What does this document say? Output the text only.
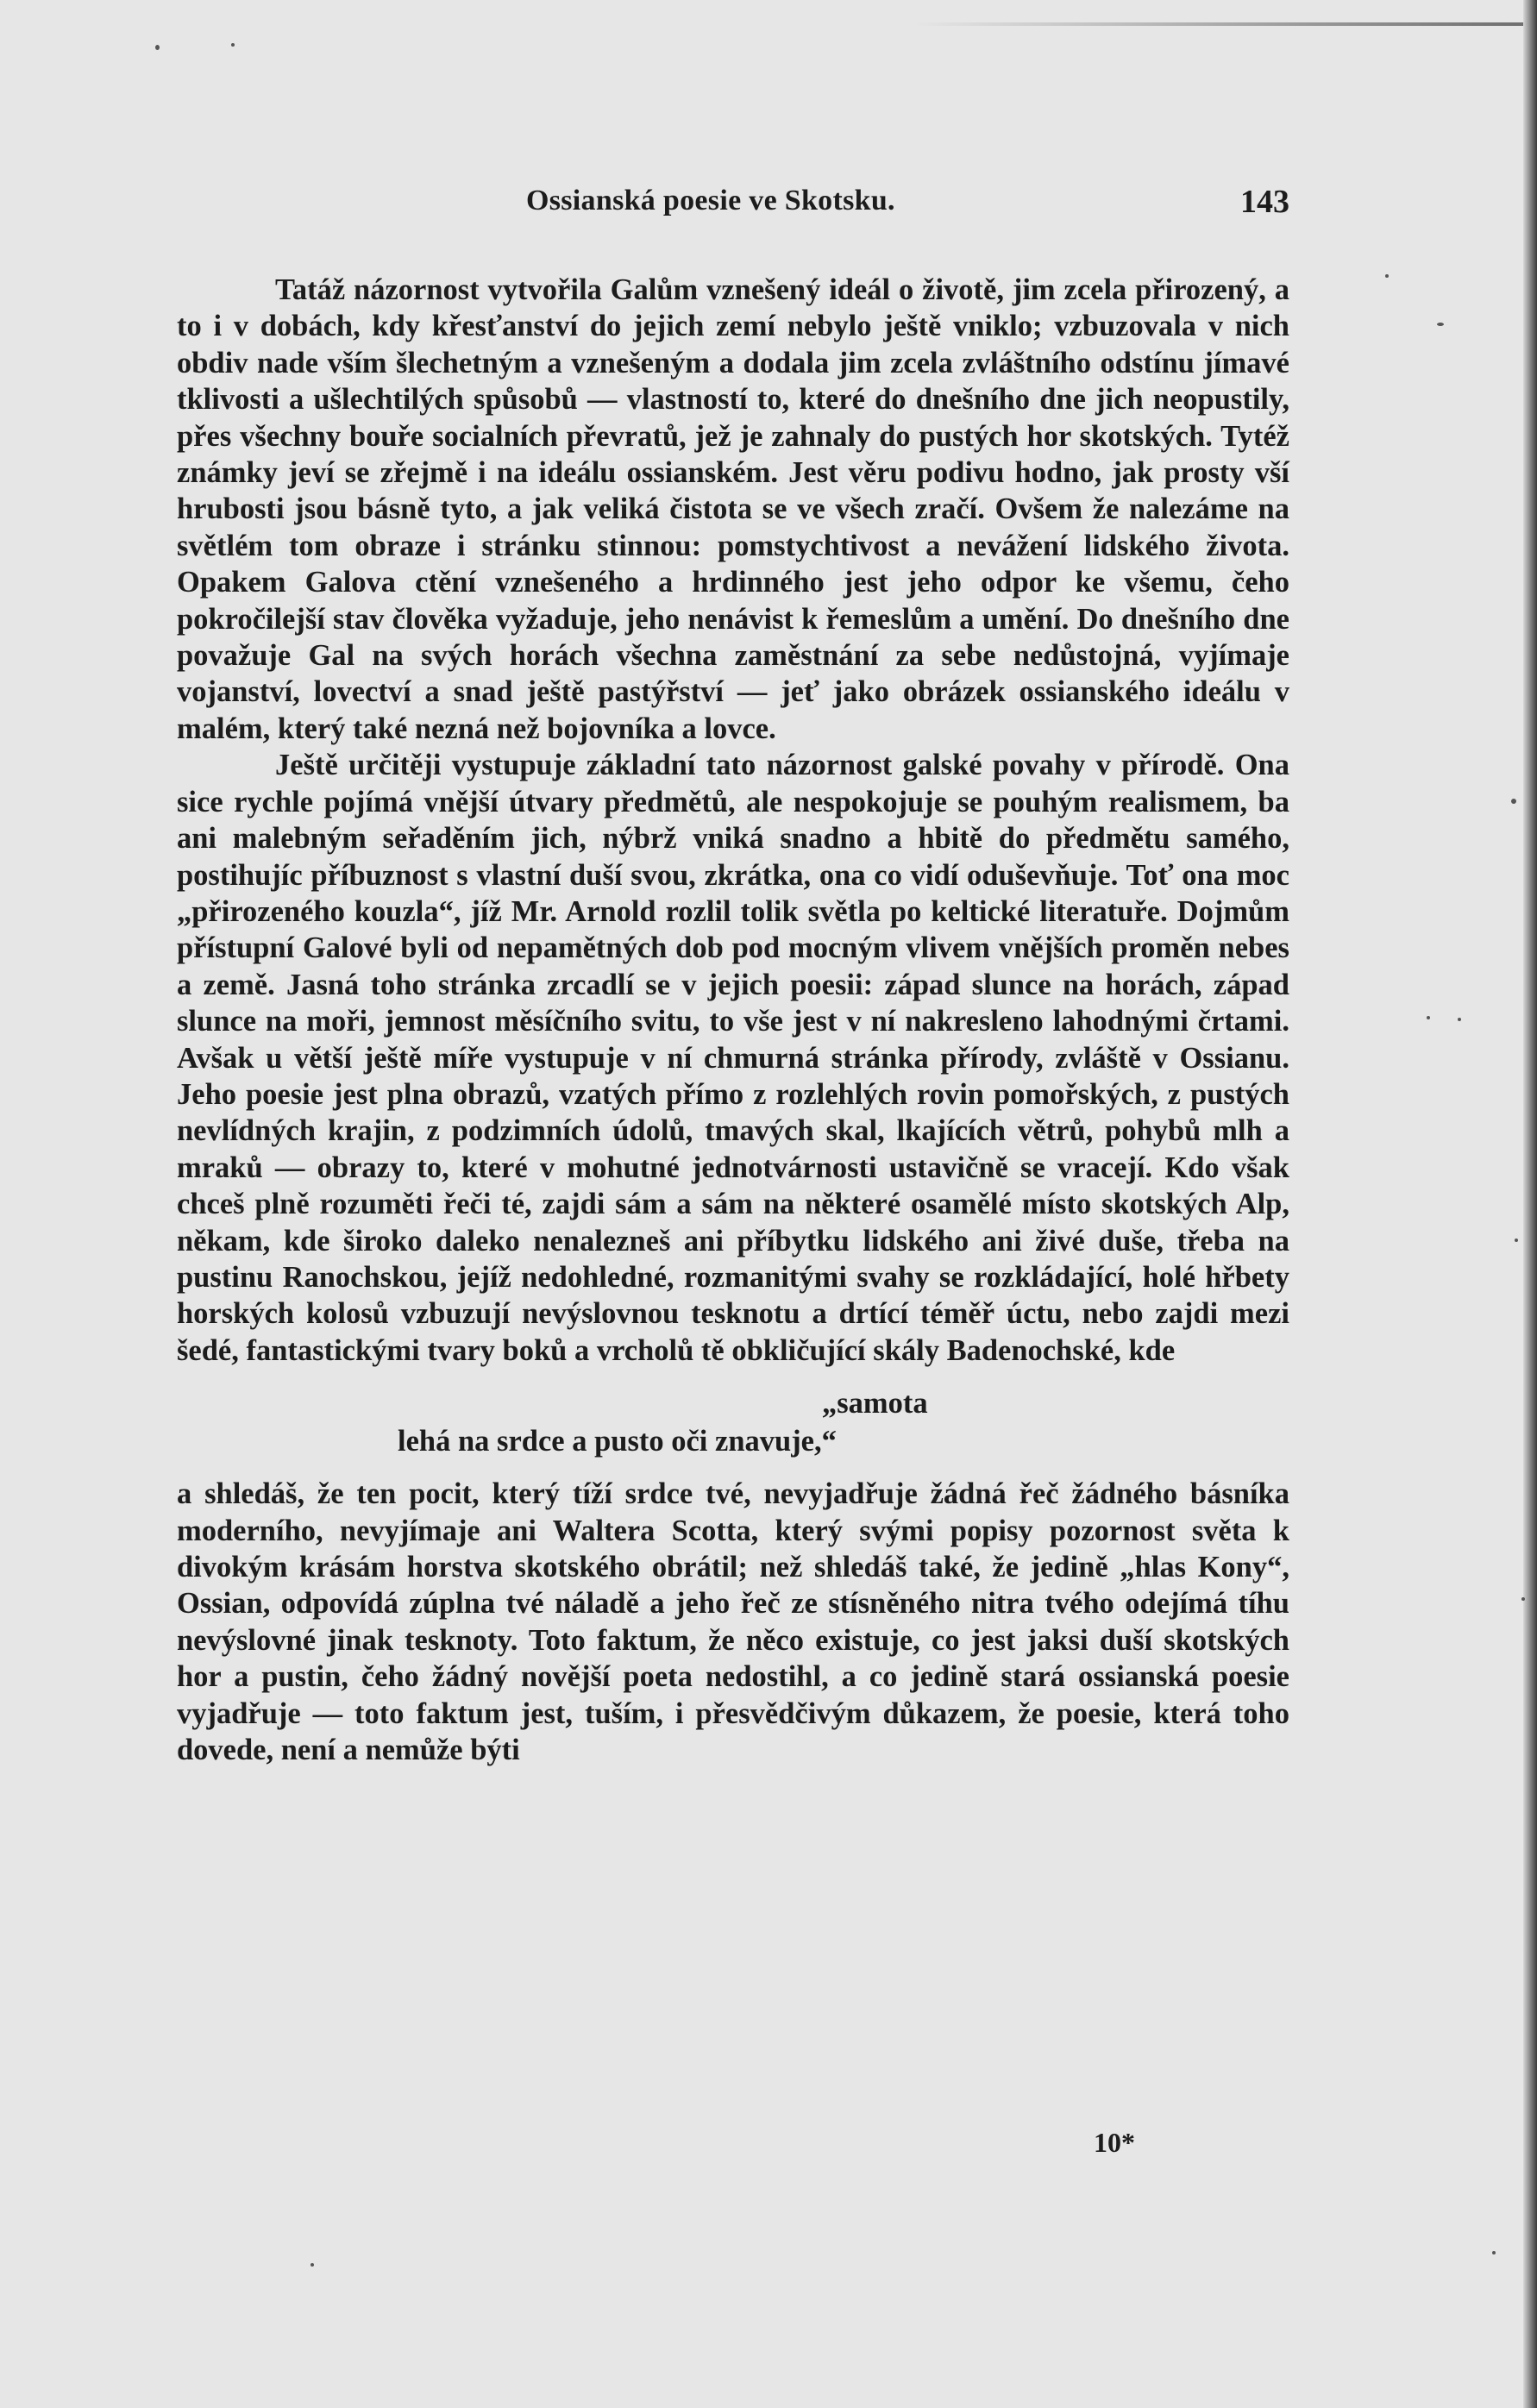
Ossianská poesie ve Skotsku.	143

Tatáž názornost vytvořila Galům vznešený ideál o životě, jim zcela přirozený, a to i v dobách, kdy křesťanství do jejich zemí nebylo ještě vniklo; vzbuzovala v nich obdiv nade vším šlechetným a vznešeným a dodala jim zcela zvláštního odstínu jímavé tklivosti a ušlechtilých spůsobů — vlastností to, které do dnešního dne jich neopustily, přes všechny bouře socialních převratů, jež je zahnaly do pustých hor skotských. Tytéž známky jeví se zřejmě i na ideálu ossianském. Jest věru podivu hodno, jak prosty vší hrubosti jsou básně tyto, a jak veliká čistota se ve všech zračí. Ovšem že nalezáme na světlém tom obraze i stránku stinnou: pomstychtivost a nevážení lidského života. Opakem Galova ctění vznešeného a hrdinného jest jeho odpor ke všemu, čeho pokročilejší stav člověka vyžaduje, jeho nenávist k řemeslům a umění. Do dnešního dne považuje Gal na svých horách všechna zaměstnání za sebe nedůstojná, vyjímaje vojanství, lovectví a snad ještě pastýřství — jeť jako obrázek ossianského ideálu v malém, který také nezná než bojovníka a lovce.

Ještě určitěji vystupuje základní tato názornost galské povahy v přírodě. Ona sice rychle pojímá vnější útvary předmětů, ale nespokojuje se pouhým realismem, ba ani malebným seřaděním jich, nýbrž vniká snadno a hbitě do předmětu samého, postihujíc příbuznost s vlastní duší svou, zkrátka, ona co vidí oduševňuje. Toť ona moc „přirozeného kouzla“, jíž Mr. Arnold rozlil tolik světla po keltické literatuře. Dojmům přístupní Galové byli od nepamětných dob pod mocným vlivem vnějších proměn nebes a země. Jasná toho stránka zrcadlí se v jejich poesii: západ slunce na horách, západ slunce na moři, jemnost měsíčního svitu, to vše jest v ní nakresleno lahodnými črtami. Avšak u větší ještě míře vystupuje v ní chmurná stránka přírody, zvláště v Ossianu. Jeho poesie jest plna obrazů, vzatých přímo z rozlehlých rovin pomořských, z pustých nevlídných krajin, z podzimních údolů, tmavých skal, lkajících větrů, pohybů mlh a mraků — obrazy to, které v mohutné jednotvárnosti ustavičně se vracejí. Kdo však chceš plně rozuměti řeči té, zajdi sám a sám na některé osamělé místo skotských Alp, někam, kde široko daleko nenalezneš ani příbytku lidského ani živé duše, třeba na pustinu Ranochskou, jejíž nedohledné, rozmanitými svahy se rozkládající, holé hřbety horských kolosů vzbuzují nevýslovnou tesknotu a drtící téměř úctu, nebo zajdi mezi šedé, fantastickými tvary boků a vrcholů tě obkličující skály Badenochské, kde

„samota
lehá na srdce a pusto oči znavuje,“

a shledáš, že ten pocit, který tíží srdce tvé, nevyjadřuje žádná řeč žádného básníka moderního, nevyjímaje ani Waltera Scotta, který svými popisy pozornost světa k divokým krásám horstva skotského obrátil; než shledáš také, že jedině „hlas Kony“, Ossian, odpovídá zúplna tvé náladě a jeho řeč ze stísněného nitra tvého odejímá tíhu nevýslovné jinak tesknoty. Toto faktum, že něco existuje, co jest jaksi duší skotských hor a pustin, čeho žádný novější poeta nedostihl, a co jedině stará ossianská poesie vyjadřuje — toto faktum jest, tuším, i přesvědčivým důkazem, že poesie, která toho dovede, není a nemůže býti

10*
